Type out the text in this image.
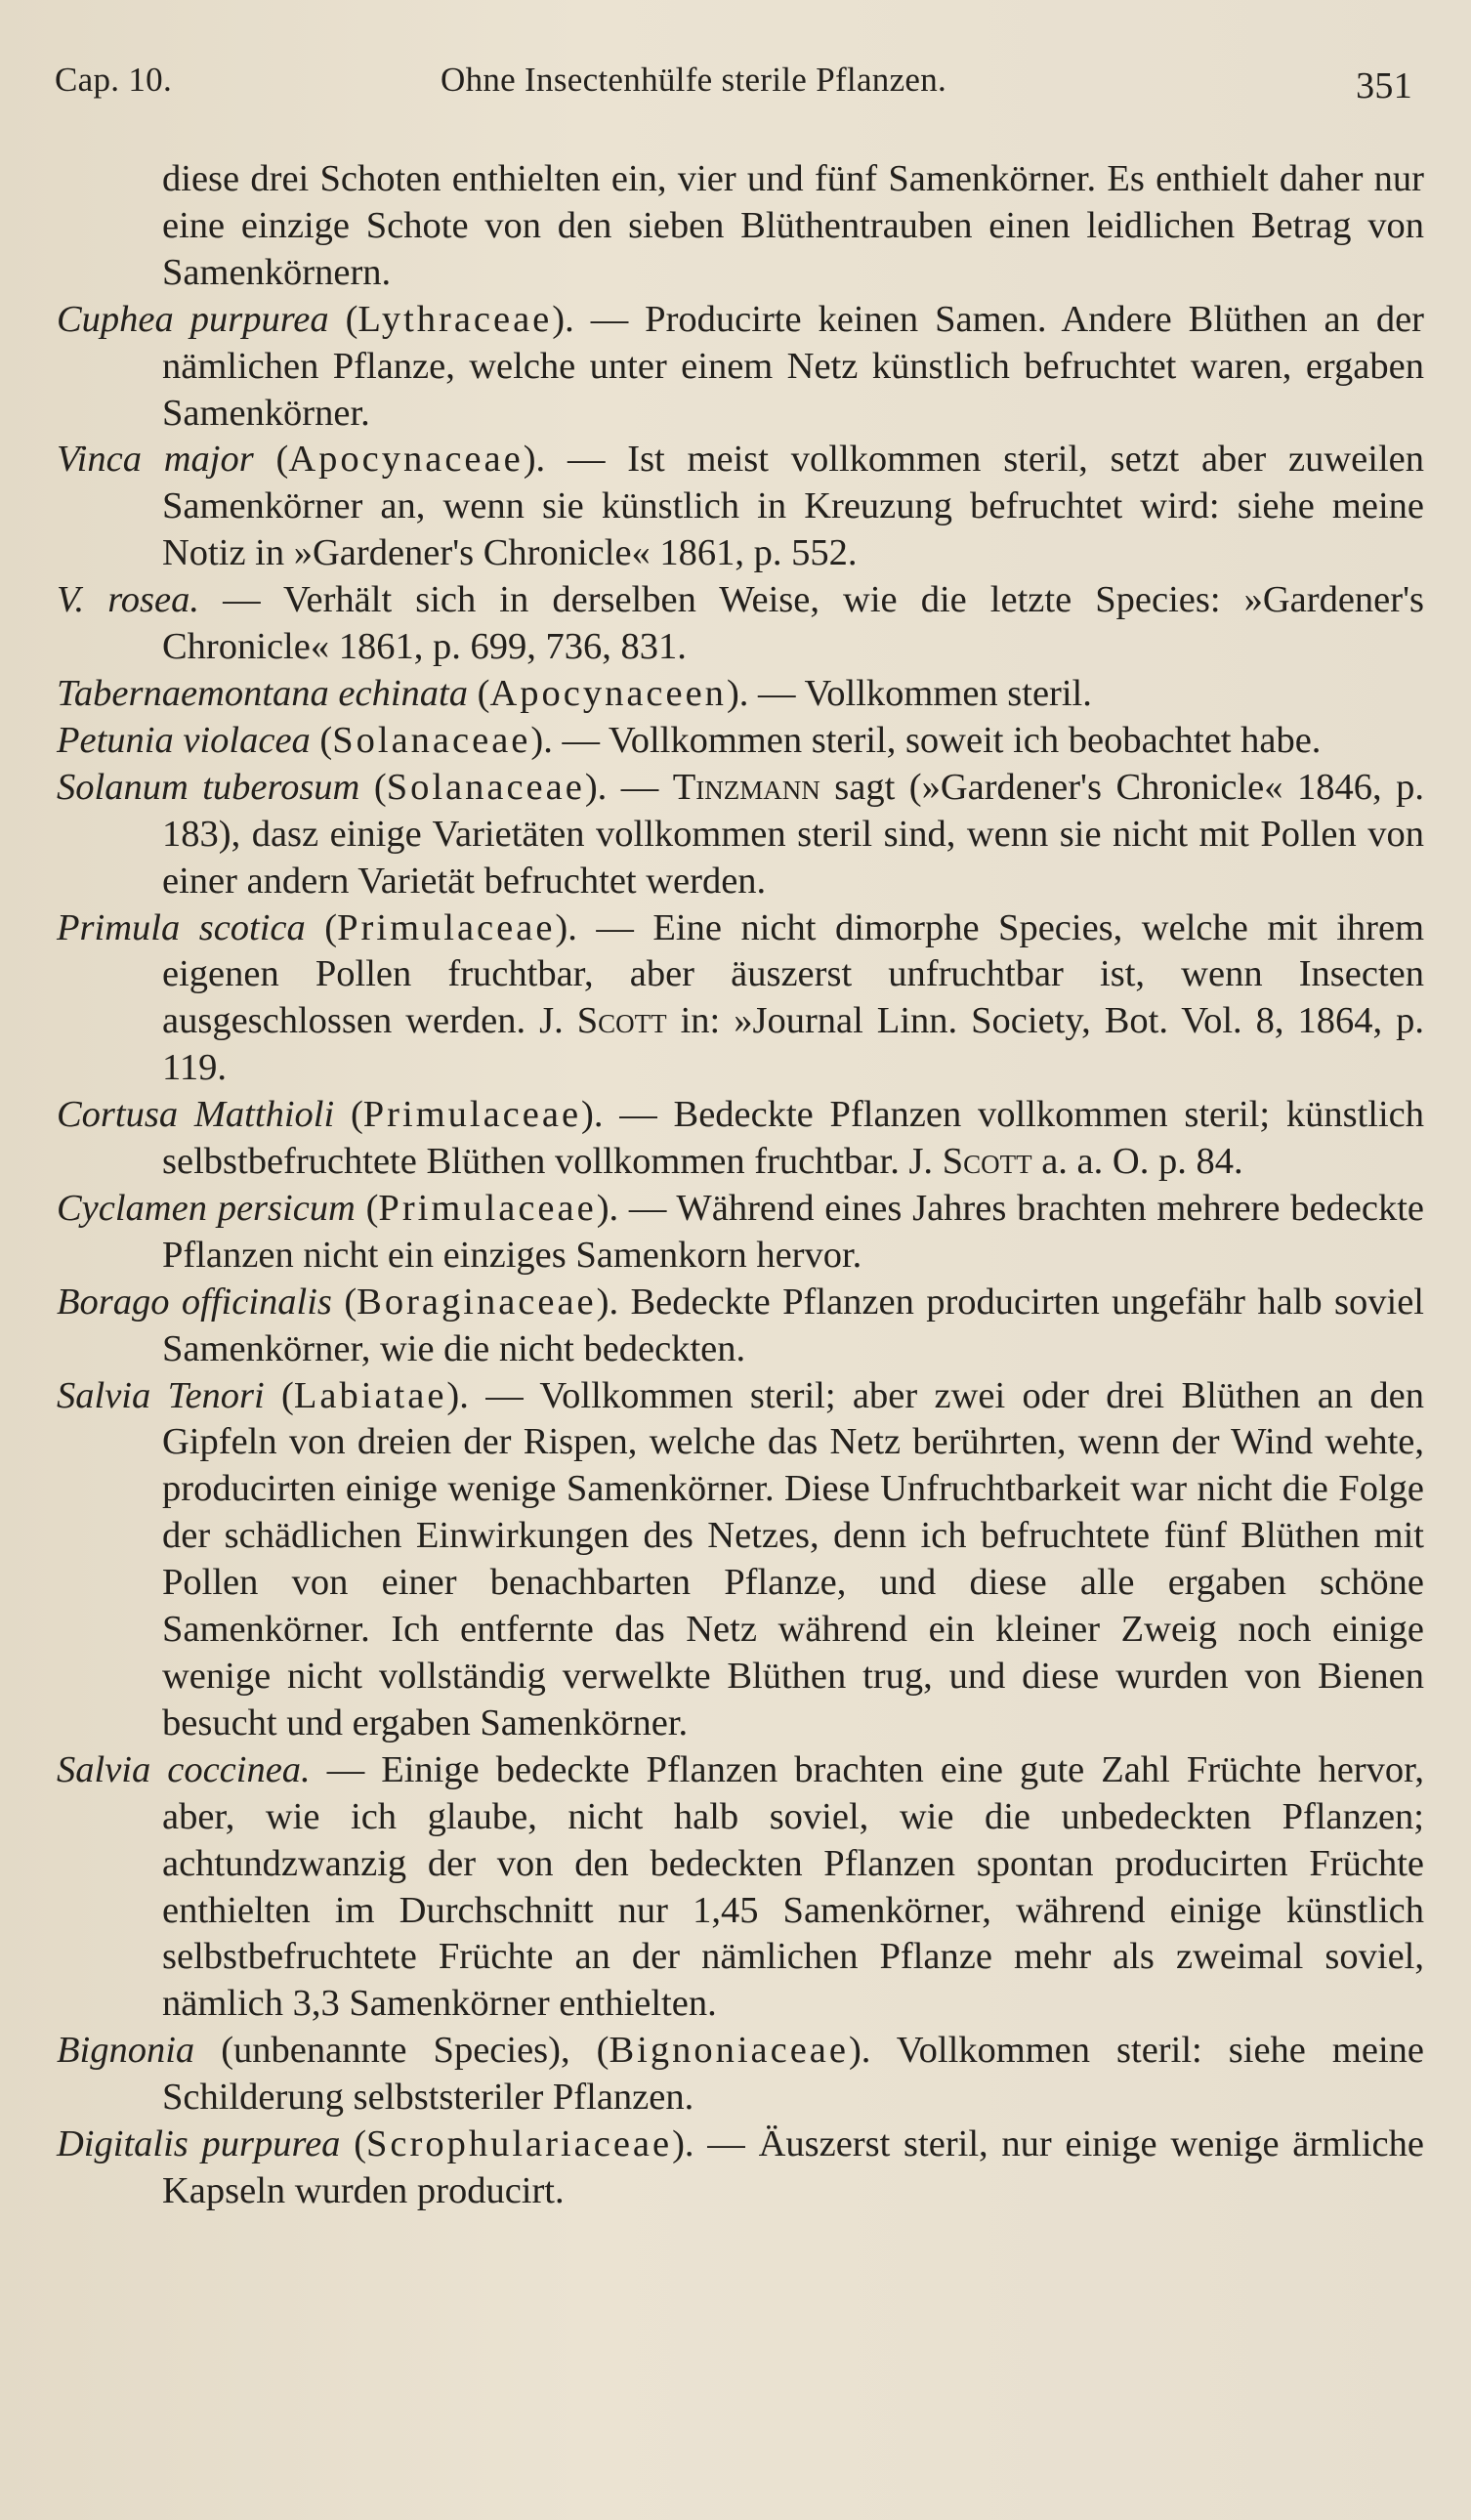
Cap. 10.	Ohne Insectenhülfe sterile Pflanzen.	351

diese drei Schoten enthielten ein, vier und fünf Samenkörner. Es enthielt daher nur eine einzige Schote von den sieben Blüthentrauben einen leidlichen Betrag von Samenkörnern.

Cuphea purpurea (Lythraceae). — Producirte keinen Samen. Andere Blüthen an der nämlichen Pflanze, welche unter einem Netz künstlich befruchtet waren, ergaben Samenkörner.

Vinca major (Apocynaceae). — Ist meist vollkommen steril, setzt aber zuweilen Samenkörner an, wenn sie künstlich in Kreuzung befruchtet wird: siehe meine Notiz in »Gardener's Chronicle« 1861, p. 552.

V. rosea. — Verhält sich in derselben Weise, wie die letzte Species: »Gardener's Chronicle« 1861, p. 699, 736, 831.

Tabernaemontana echinata (Apocynaceen). — Vollkommen steril.

Petunia violacea (Solanaceae). — Vollkommen steril, soweit ich beobachtet habe.

Solanum tuberosum (Solanaceae). — Tinzmann sagt (»Gardener's Chronicle« 1846, p. 183), dasz einige Varietäten vollkommen steril sind, wenn sie nicht mit Pollen von einer andern Varietät befruchtet werden.

Primula scotica (Primulaceae). — Eine nicht dimorphe Species, welche mit ihrem eigenen Pollen fruchtbar, aber äuszerst unfruchtbar ist, wenn Insecten ausgeschlossen werden. J. Scott in: »Journal Linn. Society, Bot. Vol. 8, 1864, p. 119.

Cortusa Matthioli (Primulaceae). — Bedeckte Pflanzen vollkommen steril; künstlich selbstbefruchtete Blüthen vollkommen fruchtbar. J. Scott a. a. O. p. 84.

Cyclamen persicum (Primulaceae). — Während eines Jahres brachten mehrere bedeckte Pflanzen nicht ein einziges Samenkorn hervor.

Borago officinalis (Boraginaceae). Bedeckte Pflanzen producirten ungefähr halb soviel Samenkörner, wie die nicht bedeckten.

Salvia Tenori (Labiatae). — Vollkommen steril; aber zwei oder drei Blüthen an den Gipfeln von dreien der Rispen, welche das Netz berührten, wenn der Wind wehte, producirten einige wenige Samenkörner. Diese Unfruchtbarkeit war nicht die Folge der schädlichen Einwirkungen des Netzes, denn ich befruchtete fünf Blüthen mit Pollen von einer benachbarten Pflanze, und diese alle ergaben schöne Samenkörner. Ich entfernte das Netz während ein kleiner Zweig noch einige wenige nicht vollständig verwelkte Blüthen trug, und diese wurden von Bienen besucht und ergaben Samenkörner.

Salvia coccinea. — Einige bedeckte Pflanzen brachten eine gute Zahl Früchte hervor, aber, wie ich glaube, nicht halb soviel, wie die unbedeckten Pflanzen; achtundzwanzig der von den bedeckten Pflanzen spontan producirten Früchte enthielten im Durchschnitt nur 1,45 Samenkörner, während einige künstlich selbstbefruchtete Früchte an der nämlichen Pflanze mehr als zweimal soviel, nämlich 3,3 Samenkörner enthielten.

Bignonia (unbenannte Species), (Bignoniaceae). Vollkommen steril: siehe meine Schilderung selbststeriler Pflanzen.

Digitalis purpurea (Scrophulariaceae). — Äuszerst steril, nur einige wenige ärmliche Kapseln wurden producirt.
